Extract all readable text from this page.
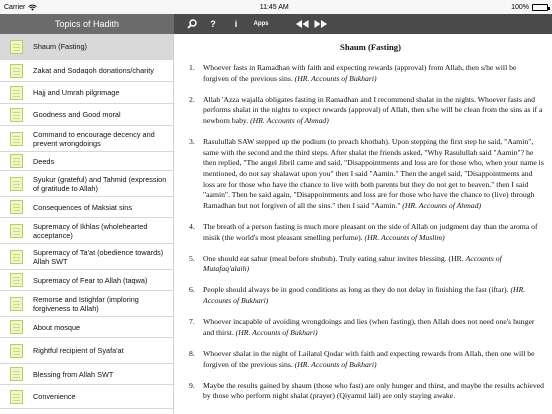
Carrier	11:45 AM	100%
Topics of Hadith	?	i	Apps
Shaum (Fasting)
Zakat and Sodaqoh donations/charity
Hajj and Umrah pilgrimage
Goodness and Good moral
Command to encourage decency and prevent wrongdoings
Deeds
Syukur (grateful) and Tahmid (expression of gratitude to Allah)
Consequences of Maksiat sins
Supremacy of Ikhlas (wholehearted acceptance)
Supremacy of Ta'at (obedience towards) Allah SWT
Supremacy of Fear to Allah (taqwa)
Remorse and Istighfar (imploring forgiveness to Allah)
About mosque
Rightful recipient of Syafa'at
Blessing from Allah SWT
Convenience
Shaum (Fasting)
1.	Whoever fasts in Ramadhan with faith and expecting rewards (approval) from Allah, then s/he will be forgiven of the previous sins. (HR. Accounts of Bukhari)
2.	Allah 'Azza wajalla obligates fasting in Ramadhan and I recommend shalat in the nights. Whoever fasts and performs shalat in the nights to expect rewards (approval) of Allah, then s/he will be clean from the sins as if a newborn baby. (HR. Accounts of Ahmad)
3.	Rasulullah SAW stepped up the podium (to preach khotbah). Upon stepping the first step he said, "Aamin", same with the second and the third steps. After shalat the friends asked, "Why Rasulullah said "Aamin"? he then replied, "The angel Jibril came and said, "Disappointments and loss are for those who, when your name is mentioned, do not say shalawat upon you" then I said "Aamin." Then the angel said, "Disappointments and loss are for those who have the chance to live with both parents but they do not get to heaven." then I said "aamin". Then he said again, "Disappointments and loss are for those who have the chance to (live) through Ramadhan but not forgiven of all the sins." then I said "Aamin." (HR. Accounts of Ahmad)
4.	The breath of a person fasting is much more pleasant on the side of Allah on judgment day than the aroma of misik (the world's most pleasant smelling perfume). (HR. Accounts of Muslim)
5.	One should eat sahur (meal before shubuh). Truly eating sahur invites blessing. (HR. Accounts of Mutafaq'alaih)
6.	People should always be in good conditions as long as they do not delay in finishing the fast (iftar). (HR. Accounts of Bukhari)
7.	Whoever incapable of avoiding wrongdoings and lies (when fasting), then Allah does not need one's hunger and thirst. (HR. Accounts of Bukhari)
8.	Whoever shalat in the night of Lailatul Qodar with faith and expecting rewards from Allah, then one will be forgiven of the previous sins. (HR. Accounts of Bukhari)
9.	Maybe the results gained by shaum (those who fast) are only hunger and thirst, and maybe the results achieved by those who perform night shalat (prayer) (Qiyamul lail) are only staying awake.
